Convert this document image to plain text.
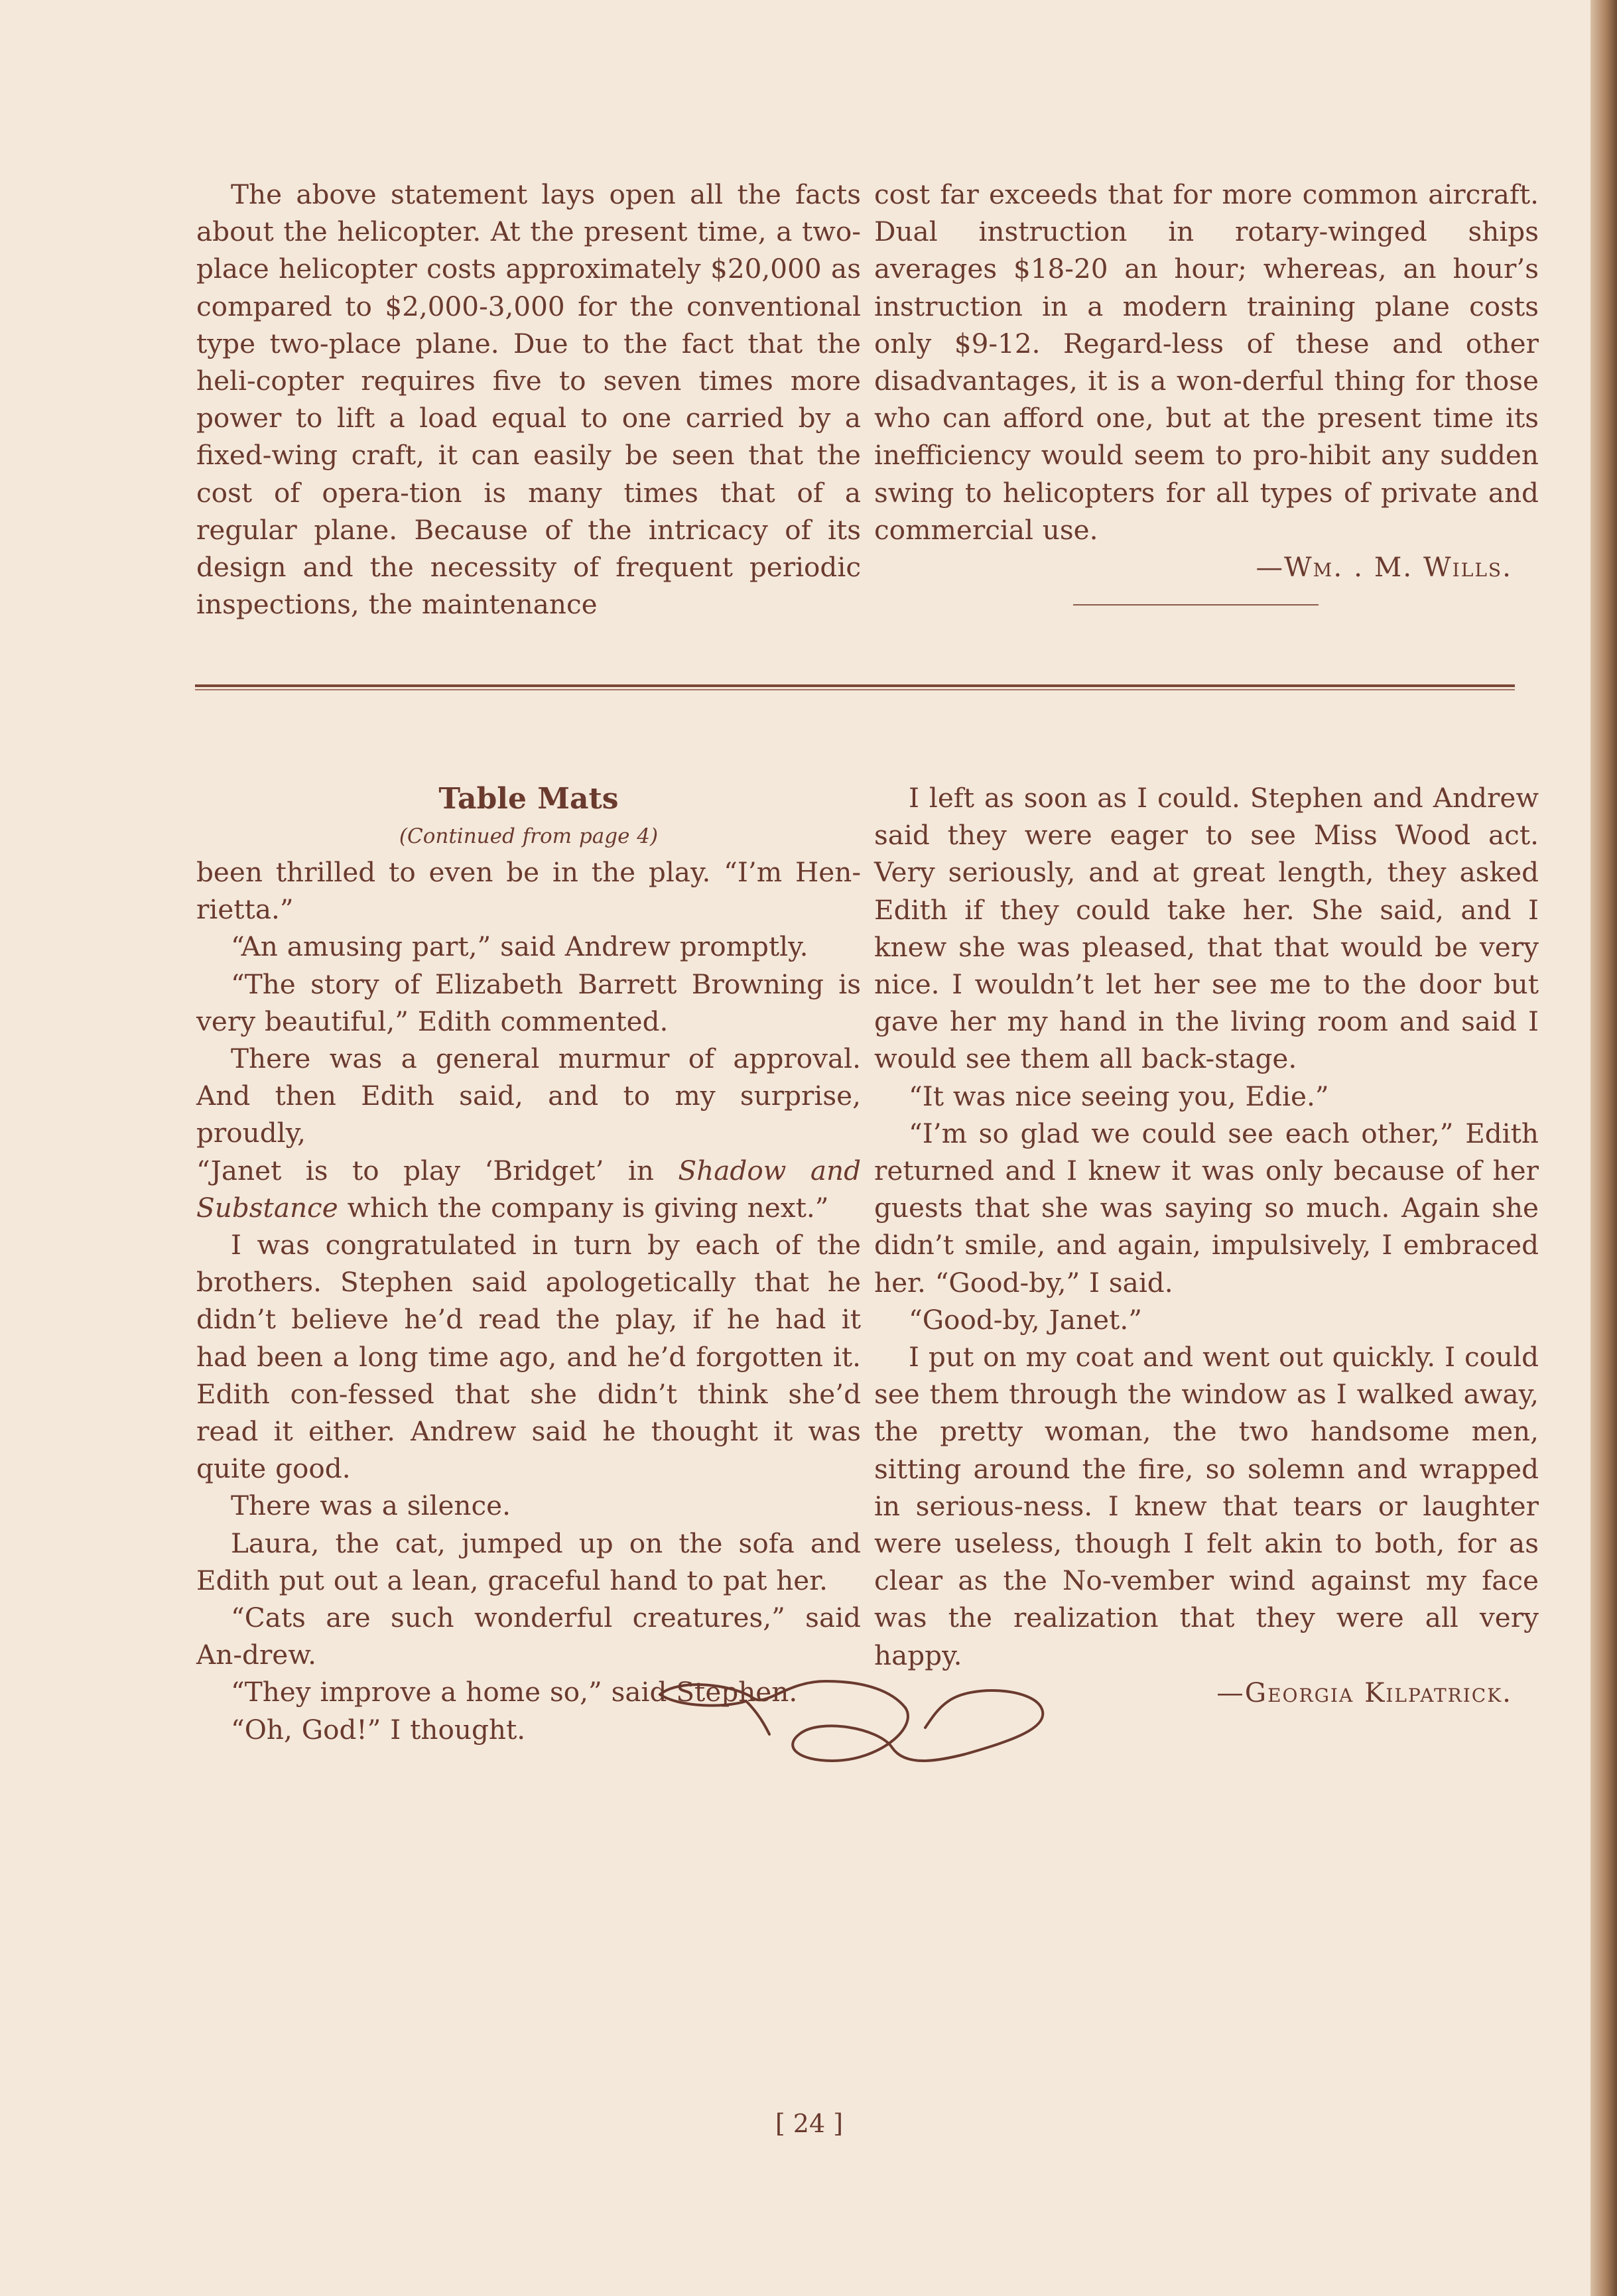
The above statement lays open all the facts about the helicopter. At the present time, a two-place helicopter costs approximately $20,000 as compared to $2,000-3,000 for the conventional type two-place plane. Due to the fact that the heli-copter requires five to seven times more power to lift a load equal to one carried by a fixed-wing craft, it can easily be seen that the cost of opera-tion is many times that of a regular plane. Because of the intricacy of its design and the necessity of frequent periodic inspections, the maintenance

cost far exceeds that for more common aircraft. Dual instruction in rotary-winged ships averages $18-20 an hour; whereas, an hour’s instruction in a modern training plane costs only $9-12. Regard-less of these and other disadvantages, it is a won-derful thing for those who can afford one, but at the present time its inefficiency would seem to pro-hibit any sudden swing to helicopters for all types of private and commercial use.

—Wm. . M. Wills.

Table Mats

(Continued from page 4)

been thrilled to even be in the play. “I’m Hen-rietta.”

“An amusing part,” said Andrew promptly.

“The story of Elizabeth Barrett Browning is very beautiful,” Edith commented.

There was a general murmur of approval. And then Edith said, and to my surprise, proudly,

“Janet is to play ‘Bridget’ in Shadow and Substance which the company is giving next.”

I was congratulated in turn by each of the brothers. Stephen said apologetically that he didn’t believe he’d read the play, if he had it had been a long time ago, and he’d forgotten it. Edith con-fessed that she didn’t think she’d read it either. Andrew said he thought it was quite good.

There was a silence.

Laura, the cat, jumped up on the sofa and Edith put out a lean, graceful hand to pat her.

“Cats are such wonderful creatures,” said An-drew.

“They improve a home so,” said Stephen.

“Oh, God!” I thought.

I left as soon as I could. Stephen and Andrew said they were eager to see Miss Wood act. Very seriously, and at great length, they asked Edith if they could take her. She said, and I knew she was pleased, that that would be very nice. I wouldn’t let her see me to the door but gave her my hand in the living room and said I would see them all back-stage.

“It was nice seeing you, Edie.”

“I’m so glad we could see each other,” Edith returned and I knew it was only because of her guests that she was saying so much. Again she didn’t smile, and again, impulsively, I embraced her. “Good-by,” I said.

“Good-by, Janet.”

I put on my coat and went out quickly. I could see them through the window as I walked away, the pretty woman, the two handsome men, sitting around the fire, so solemn and wrapped in serious-ness. I knew that tears or laughter were useless, though I felt akin to both, for as clear as the No-vember wind against my face was the realization that they were all very happy.

—Georgia Kilpatrick.

[ 24 ]
